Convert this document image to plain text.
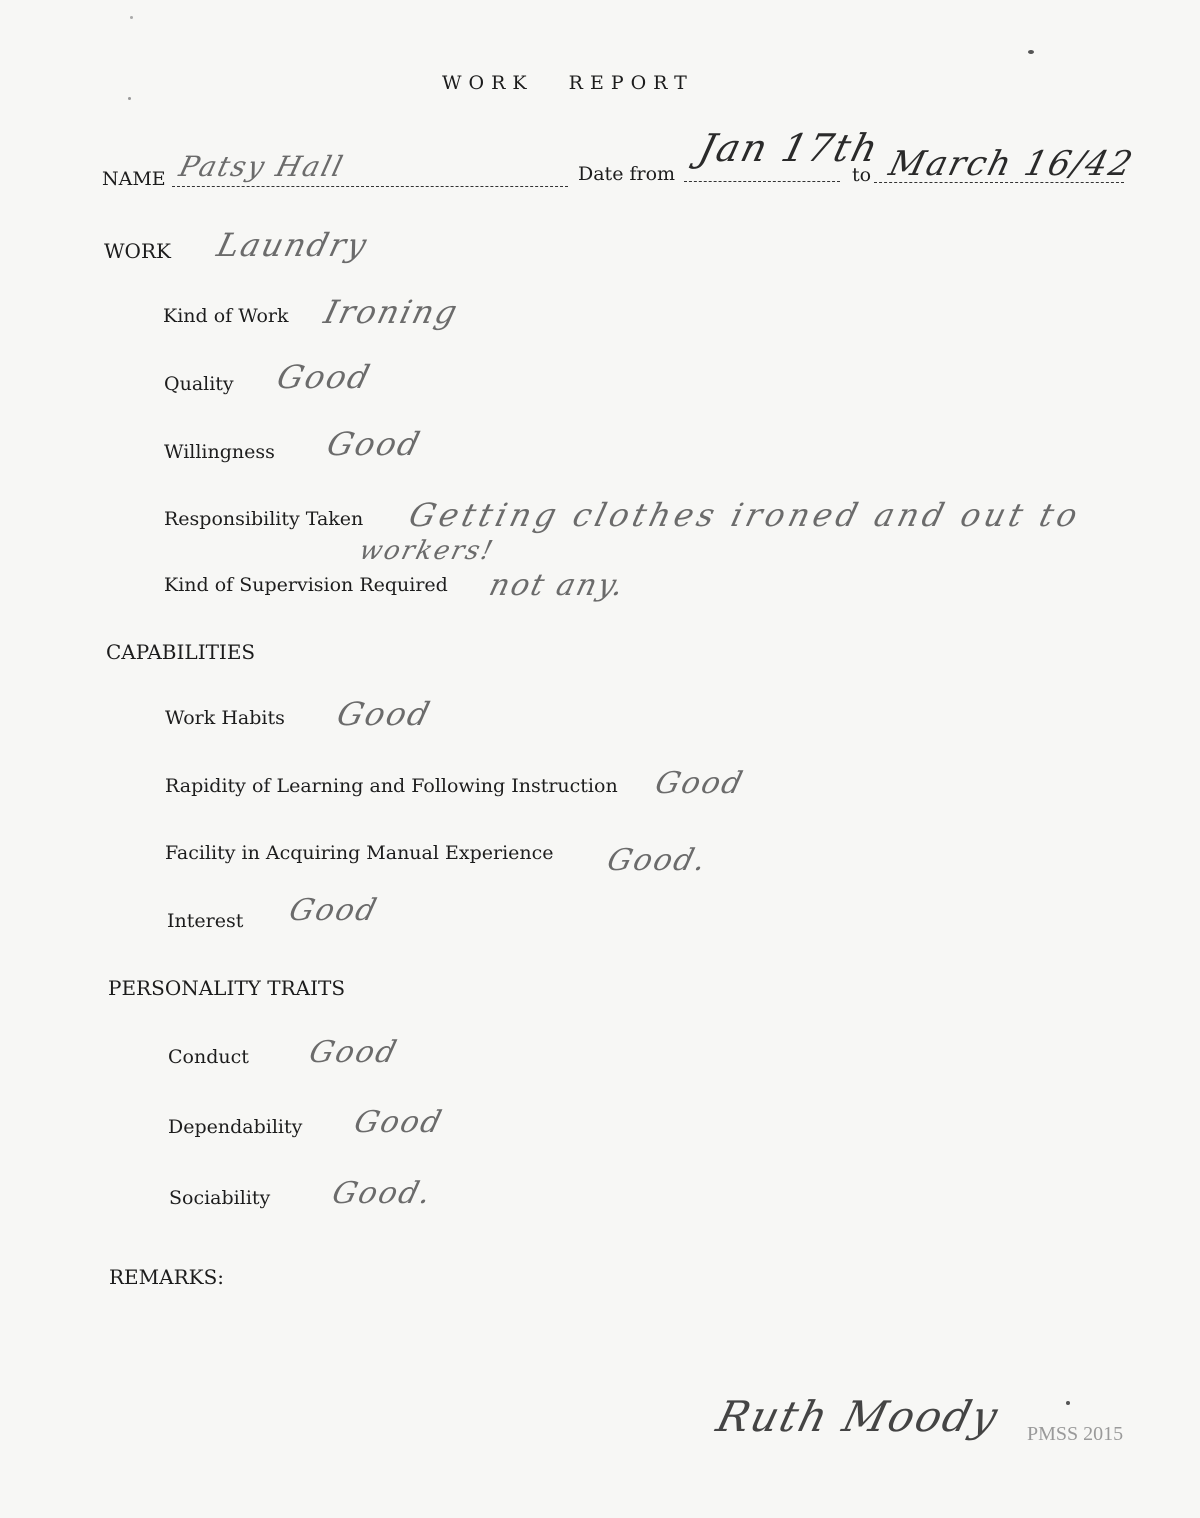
WORK REPORT
NAME Patsy Hall	Date from
Jan 17th
to March 16/42
WORK Laundry
Kind of Work Ironing
Quality Good
Willingness Good
Responsibility Taken Getting clothes ironed and out to
workers!
Kind of Supervision Required not any.
CAPABILITIES
Work Habits Good
Rapidity of Learning and Following Instruction Good
Facility in Acquiring Manual Experience Good.
Interest Good
PERSONALITY TRAITS
Conduct Good
Dependability Good
Sociability Good.
REMARKS:
Ruth Moody PMSS 2015
